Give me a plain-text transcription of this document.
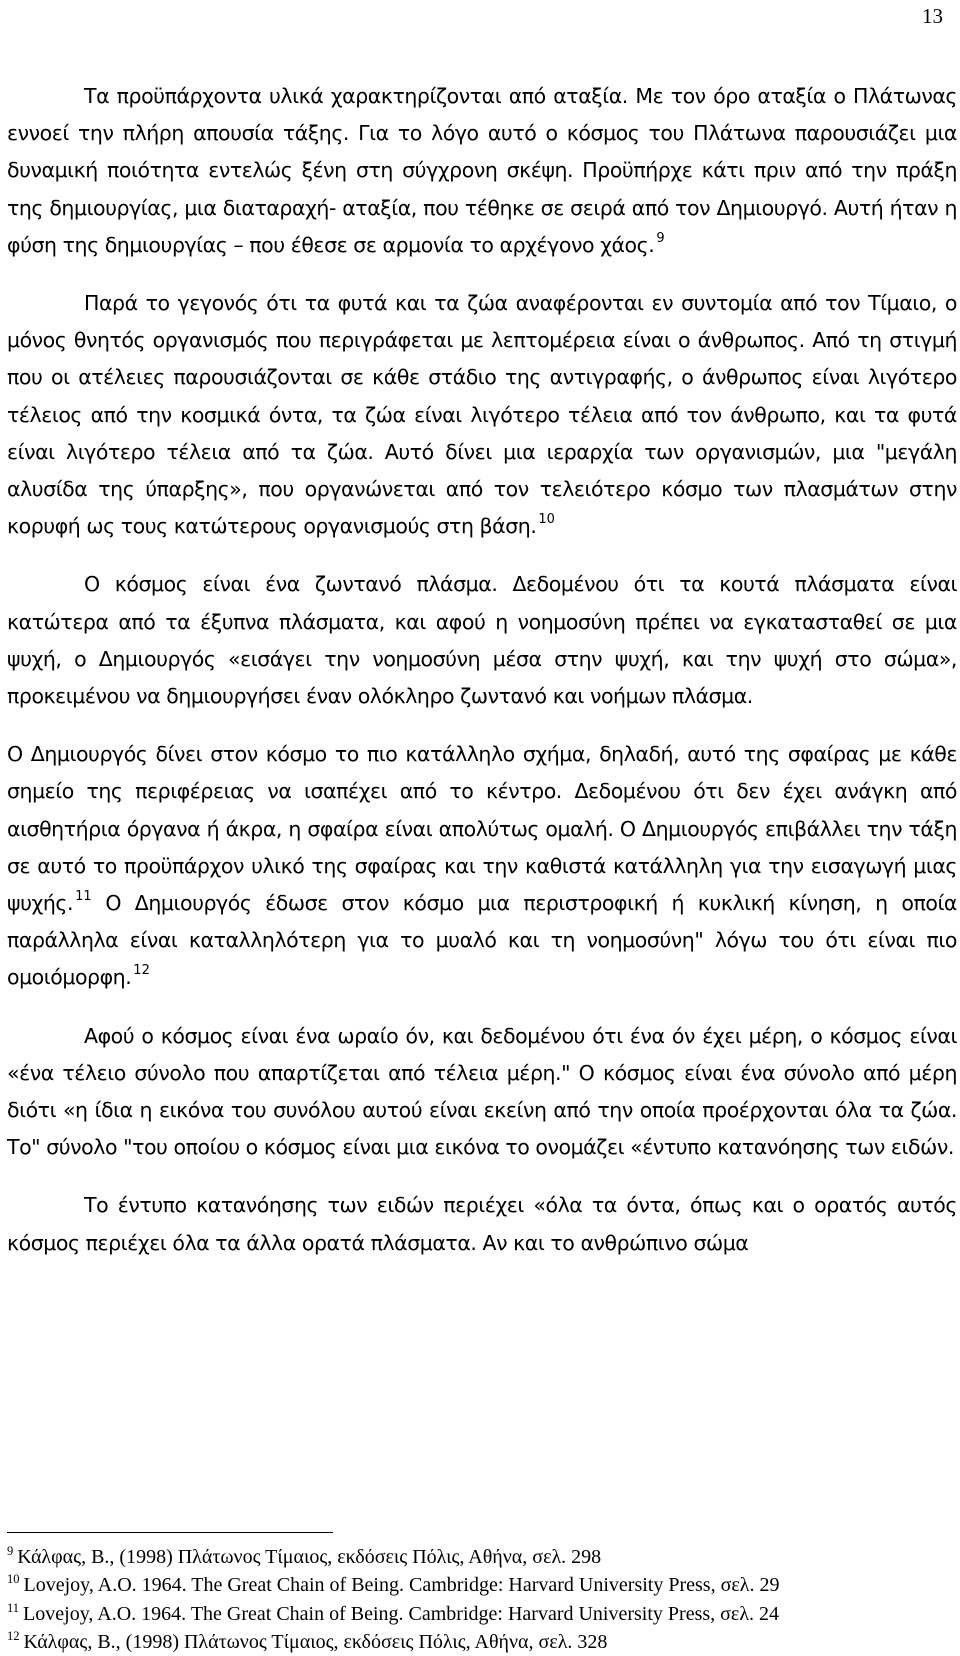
13

Τα προϋπάρχοντα υλικά χαρακτηρίζονται από αταξία. Με τον όρο αταξία ο Πλάτωνας εννοεί την πλήρη απουσία τάξης. Για το λόγο αυτό ο κόσμος του Πλάτωνα παρουσιάζει μια δυναμική ποιότητα εντελώς ξένη στη σύγχρονη σκέψη. Προϋπήρχε κάτι πριν από την πράξη της δημιουργίας, μια διαταραχή- αταξία, που τέθηκε σε σειρά από τον Δημιουργό. Αυτή ήταν η φύση της δημιουργίας – που έθεσε σε αρμονία το αρχέγονο χάος. $^9$

Παρά το γεγονός ότι τα φυτά και τα ζώα αναφέρονται εν συντομία από τον Τίμαιο, ο μόνος θνητός οργανισμός που περιγράφεται με λεπτομέρεια είναι ο άνθρωπος. Από τη στιγμή που οι ατέλειες παρουσιάζονται σε κάθε στάδιο της αντιγραφής, ο άνθρωπος είναι λιγότερο τέλειος από την κοσμικά όντα, τα ζώα είναι λιγότερο τέλεια από τον άνθρωπο, και τα φυτά είναι λιγότερο τέλεια από τα ζώα. Αυτό δίνει μια ιεραρχία των οργανισμών, μια "μεγάλη αλυσίδα της ύπαρξης», που οργανώνεται από τον τελειότερο κόσμο των πλασμάτων στην κορυφή ως τους κατώτερους οργανισμούς στη βάση. $^{10}$

Ο κόσμος είναι ένα ζωντανό πλάσμα. Δεδομένου ότι τα κουτά πλάσματα είναι κατώτερα από τα έξυπνα πλάσματα, και αφού η νοημοσύνη πρέπει να εγκατασταθεί σε μια ψυχή, ο Δημιουργός «εισάγει την νοημοσύνη μέσα στην ψυχή, και την ψυχή στο σώμα», προκειμένου να δημιουργήσει έναν ολόκληρο ζωντανό και νοήμων πλάσμα.

Ο Δημιουργός δίνει στον κόσμο το πιο κατάλληλο σχήμα, δηλαδή, αυτό της σφαίρας με κάθε σημείο της περιφέρειας να ισαπέχει από το κέντρο. Δεδομένου ότι δεν έχει ανάγκη από αισθητήρια όργανα ή άκρα, η σφαίρα είναι απολύτως ομαλή. Ο Δημιουργός επιβάλλει την τάξη σε αυτό το προϋπάρχον υλικό της σφαίρας και την καθιστά κατάλληλη για την εισαγωγή μιας ψυχής. $^{11}$ Ο Δημιουργός έδωσε στον κόσμο μια περιστροφική ή κυκλική κίνηση, η οποία παράλληλα είναι καταλληλότερη για το μυαλό και τη νοημοσύνη" λόγω του ότι είναι πιο ομοιόμορφη. $^{12}$

Αφού ο κόσμος είναι ένα ωραίο όν, και δεδομένου ότι ένα όν έχει μέρη, ο κόσμος είναι «ένα τέλειο σύνολο που απαρτίζεται από τέλεια μέρη." Ο κόσμος είναι ένα σύνολο από μέρη διότι «η ίδια η εικόνα του συνόλου αυτού είναι εκείνη από την οποία προέρχονται όλα τα ζώα. Το" σύνολο "του οποίου ο κόσμος είναι μια εικόνα το ονομάζει «έντυπο κατανόησης των ειδών.

Το έντυπο κατανόησης των ειδών περιέχει «όλα τα όντα, όπως και ο ορατός αυτός κόσμος περιέχει όλα τα άλλα ορατά πλάσματα. Αν και το ανθρώπινο σώμα

$^9$ Κάλφας, Β., (1998) Πλάτωνος Τίμαιος, εκδόσεις Πόλις, Αθήνα, σελ. 298
$^{10}$ Lovejoy, A.O. 1964. The Great Chain of Being. Cambridge: Harvard University Press, σελ. 29
$^{11}$ Lovejoy, A.O. 1964. The Great Chain of Being. Cambridge: Harvard University Press, σελ. 24
$^{12}$ Κάλφας, Β., (1998) Πλάτωνος Τίμαιος, εκδόσεις Πόλις, Αθήνα, σελ. 328
